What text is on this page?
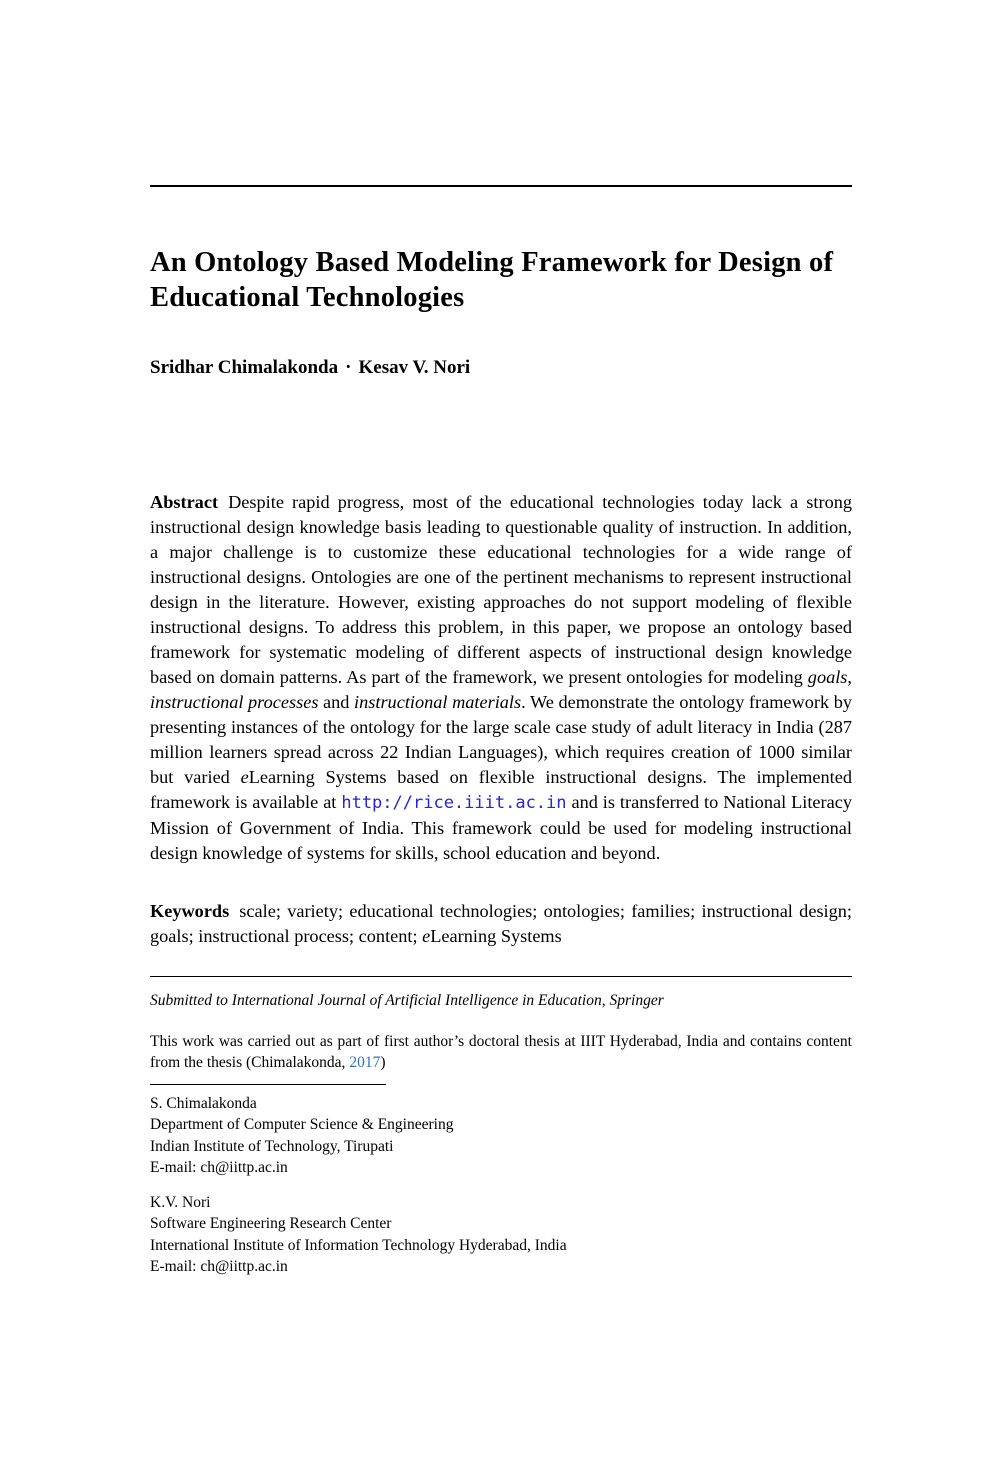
An Ontology Based Modeling Framework for Design of Educational Technologies
Sridhar Chimalakonda · Kesav V. Nori

Abstract Despite rapid progress, most of the educational technologies today lack a strong instructional design knowledge basis leading to questionable quality of instruction. In addition, a major challenge is to customize these educational technologies for a wide range of instructional designs. Ontologies are one of the pertinent mechanisms to represent instructional design in the literature. However, existing approaches do not support modeling of flexible instructional designs. To address this problem, in this paper, we propose an ontology based framework for systematic modeling of different aspects of instructional design knowledge based on domain patterns. As part of the framework, we present ontologies for modeling goals, instructional processes and instructional materials. We demonstrate the ontology framework by presenting instances of the ontology for the large scale case study of adult literacy in India (287 million learners spread across 22 Indian Languages), which requires creation of 1000 similar but varied eLearning Systems based on flexible instructional designs. The implemented framework is available at http://rice.iiit.ac.in and is transferred to National Literacy Mission of Government of India. This framework could be used for modeling instructional design knowledge of systems for skills, school education and beyond.

Keywords scale; variety; educational technologies; ontologies; families; instructional design; goals; instructional process; content; eLearning Systems

Submitted to International Journal of Artificial Intelligence in Education, Springer

This work was carried out as part of first author’s doctoral thesis at IIIT Hyderabad, India and contains content from the thesis (Chimalakonda, 2017)

S. Chimalakonda
Department of Computer Science & Engineering
Indian Institute of Technology, Tirupati
E-mail: ch@iittp.ac.in
K.V. Nori
Software Engineering Research Center
International Institute of Information Technology Hyderabad, India
E-mail: ch@iittp.ac.in
